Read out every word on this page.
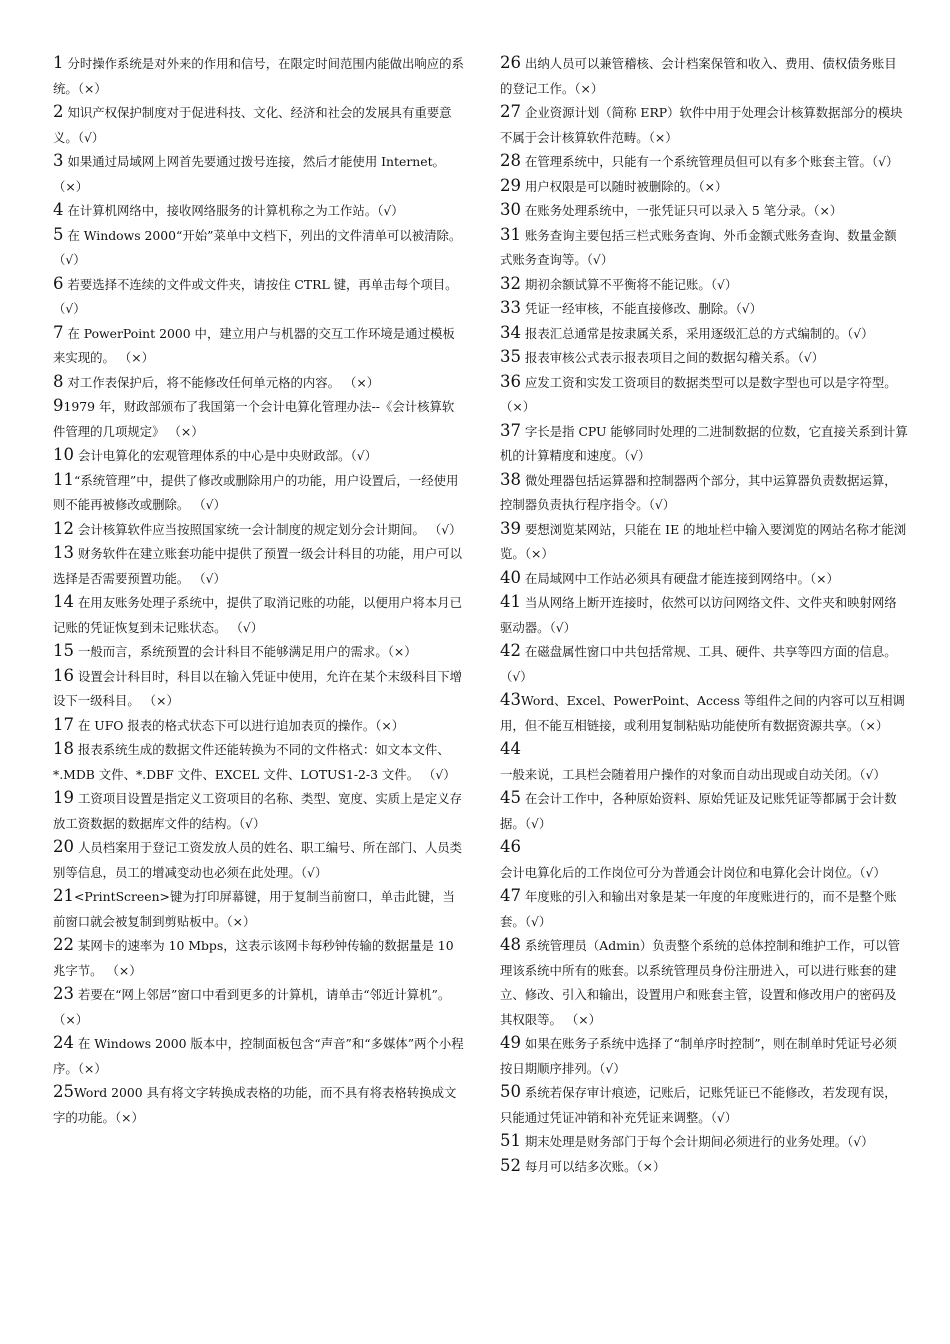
1 分时操作系统是对外来的作用和信号，在限定时间范围内能做出响应的系统。（×）

2 知识产权保护制度对于促进科技、文化、经济和社会的发展具有重要意义。（√）

3 如果通过局域网上网首先要通过拨号连接，然后才能使用 Internet。 （×）

4 在计算机网络中，接收网络服务的计算机称之为工作站。（√）

5 在 Windows 2000“开始”菜单中文档下，列出的文件清单可以被清除。（√）

6 若要选择不连续的文件或文件夹，请按住 CTRL 键，再单击每个项目。 （√）

7 在 PowerPoint 2000 中，建立用户与机器的交互工作环境是通过模板来实现的。 （×）

8 对工作表保护后，将不能修改任何单元格的内容。 （×）

91979 年，财政部颁布了我国第一个会计电算化管理办法--《会计核算软件管理的几项规定》 （×）

10 会计电算化的宏观管理体系的中心是中央财政部。（√）

11“系统管理”中，提供了修改或删除用户的功能，用户设置后，一经使用则不能再被修改或删除。 （√）

12 会计核算软件应当按照国家统一会计制度的规定划分会计期间。 （√）

13 财务软件在建立账套功能中提供了预置一级会计科目的功能，用户可以选择是否需要预置功能。 （√）

14 在用友账务处理子系统中，提供了取消记账的功能，以便用户将本月已记账的凭证恢复到未记账状态。 （√）

15 一般而言，系统预置的会计科目不能够满足用户的需求。（×）

16 设置会计科目时，科目以在输入凭证中使用，允许在某个末级科目下增设下一级科目。 （×）

17 在 UFO 报表的格式状态下可以进行追加表页的操作。（×）

18 报表系统生成的数据文件还能转换为不同的文件格式：如文本文件、*.MDB 文件、*.DBF 文件、EXCEL 文件、LOTUS1-2-3 文件。 （√）

19 工资项目设置是指定义工资项目的名称、类型、宽度、实质上是定义存放工资数据的数据库文件的结构。（√）

20 人员档案用于登记工资发放人员的姓名、职工编号、所在部门、人员类别等信息，员工的增减变动也必须在此处理。（√）

21<PrintScreen>键为打印屏幕键，用于复制当前窗口，单击此键，当前窗口就会被复制到剪贴板中。（×）

22 某网卡的速率为 10 Mbps，这表示该网卡每秒钟传输的数据量是 10 兆字节。 （×）

23 若要在“网上邻居”窗口中看到更多的计算机，请单击“邻近计算机”。（×）

24 在 Windows 2000 版本中，控制面板包含“声音”和“多媒体”两个小程序。（×）

25Word 2000 具有将文字转换成表格的功能，而不具有将表格转换成文字的功能。（×）

26 出纳人员可以兼管稽核、会计档案保管和收入、费用、债权债务账目的登记工作。（×）

27 企业资源计划（简称 ERP）软件中用于处理会计核算数据部分的模块不属于会计核算软件范畴。（×）

28 在管理系统中，只能有一个系统管理员但可以有多个账套主管。（√）

29 用户权限是可以随时被删除的。（×）

30 在账务处理系统中，一张凭证只可以录入 5 笔分录。（×）

31 账务查询主要包括三栏式账务查询、外币金额式账务查询、数量金额式账务查询等。（√）

32 期初余额试算不平衡将不能记账。（√）

33 凭证一经审核，不能直接修改、删除。（√）

34 报表汇总通常是按隶属关系，采用逐级汇总的方式编制的。（√）

35 报表审核公式表示报表项目之间的数据勾稽关系。（√）

36 应发工资和实发工资项目的数据类型可以是数字型也可以是字符型。（×）

37 字长是指 CPU 能够同时处理的二进制数据的位数，它直接关系到计算机的计算精度和速度。（√）

38 微处理器包括运算器和控制器两个部分，其中运算器负责数据运算，控制器负责执行程序指令。（√）

39 要想浏览某网站，只能在 IE 的地址栏中输入要浏览的网站名称才能浏览。（×）

40 在局域网中工作站必须具有硬盘才能连接到网络中。（×）

41 当从网络上断开连接时，依然可以访问网络文件、文件夹和映射网络驱动器。（√）

42 在磁盘属性窗口中共包括常规、工具、硬件、共享等四方面的信息。（√）

43Word、Excel、PowerPoint、Access 等组件之间的内容可以互相调用，但不能互相链接，或利用复制粘贴功能使所有数据资源共享。（×）

44 一般来说，工具栏会随着用户操作的对象而自动出现或自动关闭。（√）

45 在会计工作中，各种原始资料、原始凭证及记账凭证等都属于会计数据。（√）

46 会计电算化后的工作岗位可分为普通会计岗位和电算化会计岗位。（√）

47 年度账的引入和输出对象是某一年度的年度账进行的，而不是整个账套。（√）

48 系统管理员（Admin）负责整个系统的总体控制和维护工作，可以管理该系统中所有的账套。以系统管理员身份注册进入，可以进行账套的建立、修改、引入和输出，设置用户和账套主管，设置和修改用户的密码及其权限等。 （×）

49 如果在账务子系统中选择了“制单序时控制”，则在制单时凭证号必须按日期顺序排列。（√）

50 系统若保存审计痕迹，记账后，记账凭证已不能修改，若发现有误，只能通过凭证冲销和补充凭证来调整。（√）

51 期末处理是财务部门于每个会计期间必须进行的业务处理。（√）

52 每月可以结多次账。（×）
